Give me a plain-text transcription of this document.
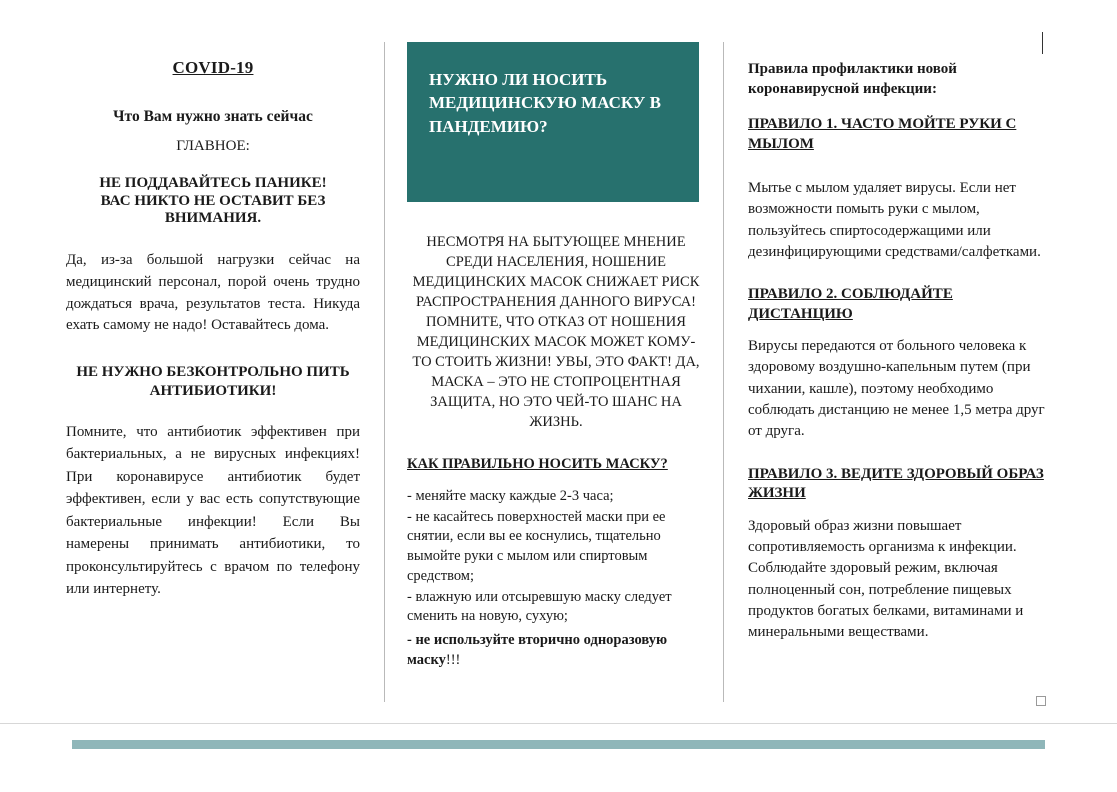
COVID-19
Что Вам нужно знать сейчас
ГЛАВНОЕ:
НЕ ПОДДАВАЙТЕСЬ ПАНИКЕ!
ВАС НИКТО НЕ ОСТАВИТ БЕЗ ВНИМАНИЯ.
Да, из-за большой нагрузки сейчас на медицинский персонал, порой очень трудно дождаться врача, результатов теста. Никуда ехать самому не надо! Оставайтесь дома.
НЕ НУЖНО БЕЗКОНТРОЛЬНО ПИТЬ АНТИБИОТИКИ!
Помните, что антибиотик эффективен при бактериальных, а не вирусных инфекциях! При коронавирусе антибиотик будет эффективен, если у вас есть сопутствующие бактериальные инфекции! Если Вы намерены принимать антибиотики, то проконсультируйтесь с врачом по телефону или интернету.
НУЖНО ЛИ НОСИТЬ МЕДИЦИНСКУЮ МАСКУ В ПАНДЕМИЮ?
НЕСМОТРЯ НА БЫТУЮЩЕЕ МНЕНИЕ СРЕДИ НАСЕЛЕНИЯ, НОШЕНИЕ МЕДИЦИНСКИХ МАСОК СНИЖАЕТ РИСК РАСПРОСТРАНЕНИЯ ДАННОГО ВИРУСА! ПОМНИТЕ, ЧТО ОТКАЗ ОТ НОШЕНИЯ МЕДИЦИНСКИХ МАСОК МОЖЕТ КОМУ-ТО СТОИТЬ ЖИЗНИ! УВЫ, ЭТО ФАКТ! ДА, МАСКА – ЭТО НЕ СТОПРОЦЕНТНАЯ ЗАЩИТА, НО ЭТО ЧЕЙ-ТО ШАНС НА ЖИЗНЬ.
КАК ПРАВИЛЬНО НОСИТЬ МАСКУ?
- меняйте маску каждые 2-3 часа;
- не касайтесь поверхностей маски при ее снятии, если вы ее коснулись, тщательно вымойте руки с мылом или спиртовым средством;
- влажную или отсыревшую маску следует сменить на новую, сухую;
- не используйте вторично одноразовую маску!!!
Правила профилактики новой коронавирусной инфекции:
ПРАВИЛО 1. ЧАСТО МОЙТЕ РУКИ С МЫЛОМ
Мытье с мылом удаляет вирусы. Если нет возможности помыть руки с мылом, пользуйтесь спиртосодержащими или дезинфицирующими средствами/салфетками.
ПРАВИЛО 2. СОБЛЮДАЙТЕ ДИСТАНЦИЮ
Вирусы передаются от больного человека к здоровому воздушно-капельным путем (при чихании, кашле), поэтому необходимо соблюдать дистанцию не менее 1,5 метра друг от друга.
ПРАВИЛО 3. ВЕДИТЕ ЗДОРОВЫЙ ОБРАЗ ЖИЗНИ
Здоровый образ жизни повышает сопротивляемость организма к инфекции. Соблюдайте здоровый режим, включая полноценный сон, потребление пищевых продуктов богатых белками, витаминами и минеральными веществами.
